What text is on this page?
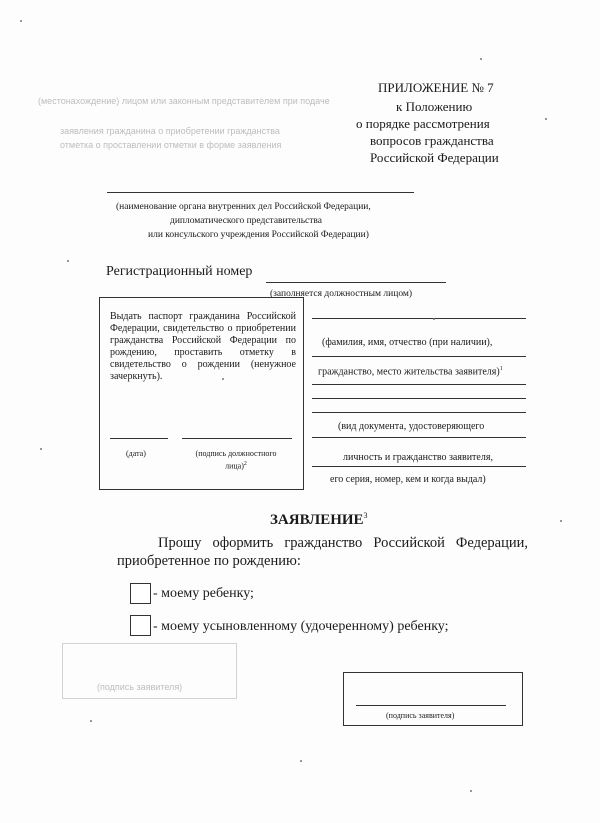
(местонахождение) лицом или законным представителем при подаче
заявления гражданина о приобретении гражданства
отметка о проставлении отметки в форме заявления
ПРИЛОЖЕНИЕ № 7
к Положению
о порядке рассмотрения
вопросов гражданства
Российской Федерации
(наименование органа внутренних дел Российской Федерации,
дипломатического представительства
или консульского учреждения Российской Федерации)
Регистрационный номер
(заполняется должностным лицом)
Выдать паспорт гражданина Российской Федерации, свидетельство о приобретении гражданства Российской Федерации по рождению, проставить отметку в свидетельство о рождении (ненужное зачеркнуть).
(дата)	(подпись должностного лица)$^2$
(фамилия, имя, отчество (при наличии),
гражданство, место жительства заявителя)$^1$
(вид документа, удостоверяющего
личность и гражданство заявителя,
его серия, номер, кем и когда выдал)
ЗАЯВЛЕНИЕ$^3$
Прошу оформить гражданство Российской Федерации,
приобретенное по рождению:
- моему ребенку;
- моему усыновленному (удочеренному) ребенку;
(подпись заявителя)
(подпись заявителя)
